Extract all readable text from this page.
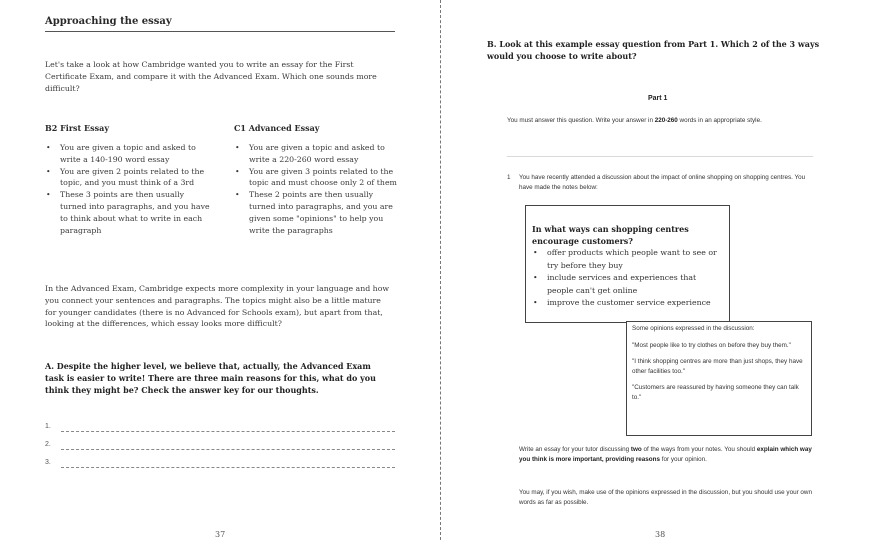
Approaching the essay
Let's take a look at how Cambridge wanted you to write an essay for the First Certificate Exam, and compare it with the Advanced Exam. Which one sounds more difficult?
B2 First Essay	C1 Advanced Essay
• You are given a topic and asked to write a 140-190 word essay
• You are given 2 points related to the topic, and you must think of a 3rd
• These 3 points are then usually turned into paragraphs, and you have to think about what to write in each paragraph
• You are given a topic and asked to write a 220-260 word essay
• You are given 3 points related to the topic and must choose only 2 of them
• These 2 points are then usually turned into paragraphs, and you are given some "opinions" to help you write the paragraphs
In the Advanced Exam, Cambridge expects more complexity in your language and how you connect your sentences and paragraphs. The topics might also be a little mature for younger candidates (there is no Advanced for Schools exam), but apart from that, looking at the differences, which essay looks more difficult?
A. Despite the higher level, we believe that, actually, the Advanced Exam task is easier to write! There are three main reasons for this, what do you think they might be? Check the answer key for our thoughts.
1.
2.
3.
37
B. Look at this example essay question from Part 1. Which 2 of the 3 ways would you choose to write about?
Part 1
You must answer this question. Write your answer in 220-260 words in an appropriate style.
1 You have recently attended a discussion about the impact of online shopping on shopping centres. You have made the notes below:
In what ways can shopping centres encourage customers?
• offer products which people want to see or try before they buy
• include services and experiences that people can't get online
• improve the customer service experience
Some opinions expressed in the discussion:
"Most people like to try clothes on before they buy them."
"I think shopping centres are more than just shops, they have other facilities too."
"Customers are reassured by having someone they can talk to."
Write an essay for your tutor discussing two of the ways from your notes. You should explain which way you think is more important, providing reasons for your opinion.
You may, if you wish, make use of the opinions expressed in the discussion, but you should use your own words as far as possible.
38
